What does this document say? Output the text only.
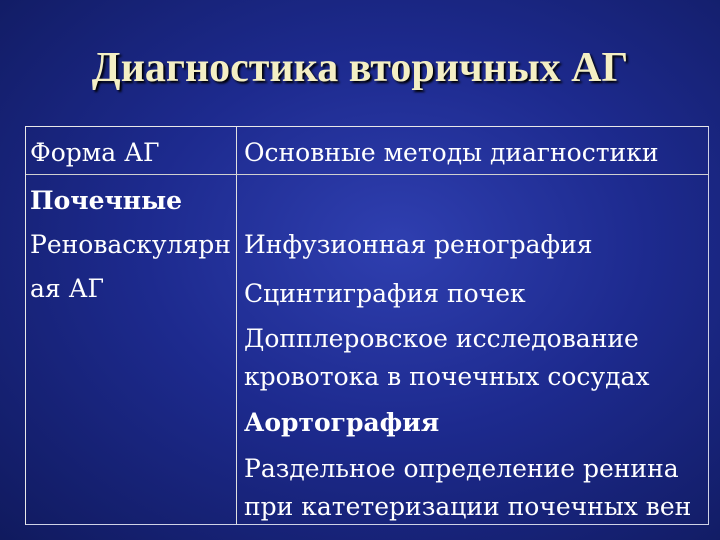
Диагностика вторичных АГ
Форма АГ	Основные методы диагностики
Почечные
Реноваскулярн
ая АГ
Инфузионная ренография
Сцинтиграфия почек
Допплеровское исследование
кровотока в почечных сосудах
Аортография
Раздельное определение ренина
при катетеризации почечных вен
